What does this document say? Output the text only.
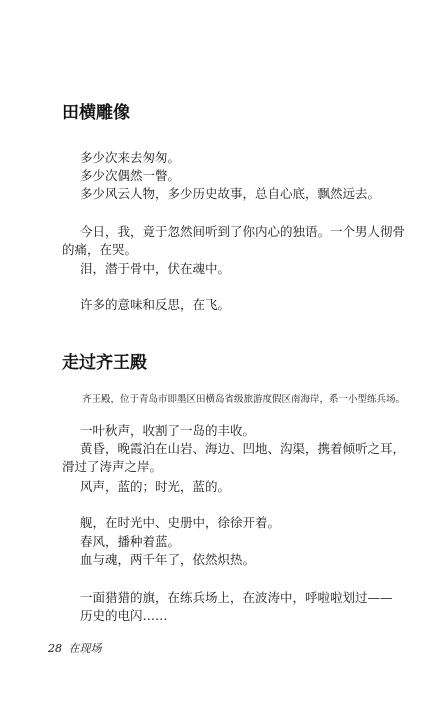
田横雕像
多少次来去匆匆。
多少次偶然一瞥。
多少风云人物，多少历史故事，总自心底，飘然远去。
今日，我，竟于忽然间听到了你内心的独语。一个男人彻骨
的痛，在哭。
泪，潜于骨中，伏在魂中。
许多的意味和反思，在飞。
走过齐王殿
齐王殿，位于青岛市即墨区田横岛省级旅游度假区南海岸，系一小型练兵场。
一叶秋声，收割了一岛的丰收。
黄昏，晚霞泊在山岩、海边、凹地、沟渠，携着倾听之耳，
滑过了涛声之岸。
风声，蓝的；时光，蓝的。
舰，在时光中、史册中，徐徐开着。
春风，播种着蓝。
血与魂，两千年了，依然炽热。
一面猎猎的旗，在练兵场上，在波涛中，呼啦啦划过——
历史的电闪……
28 在现场
